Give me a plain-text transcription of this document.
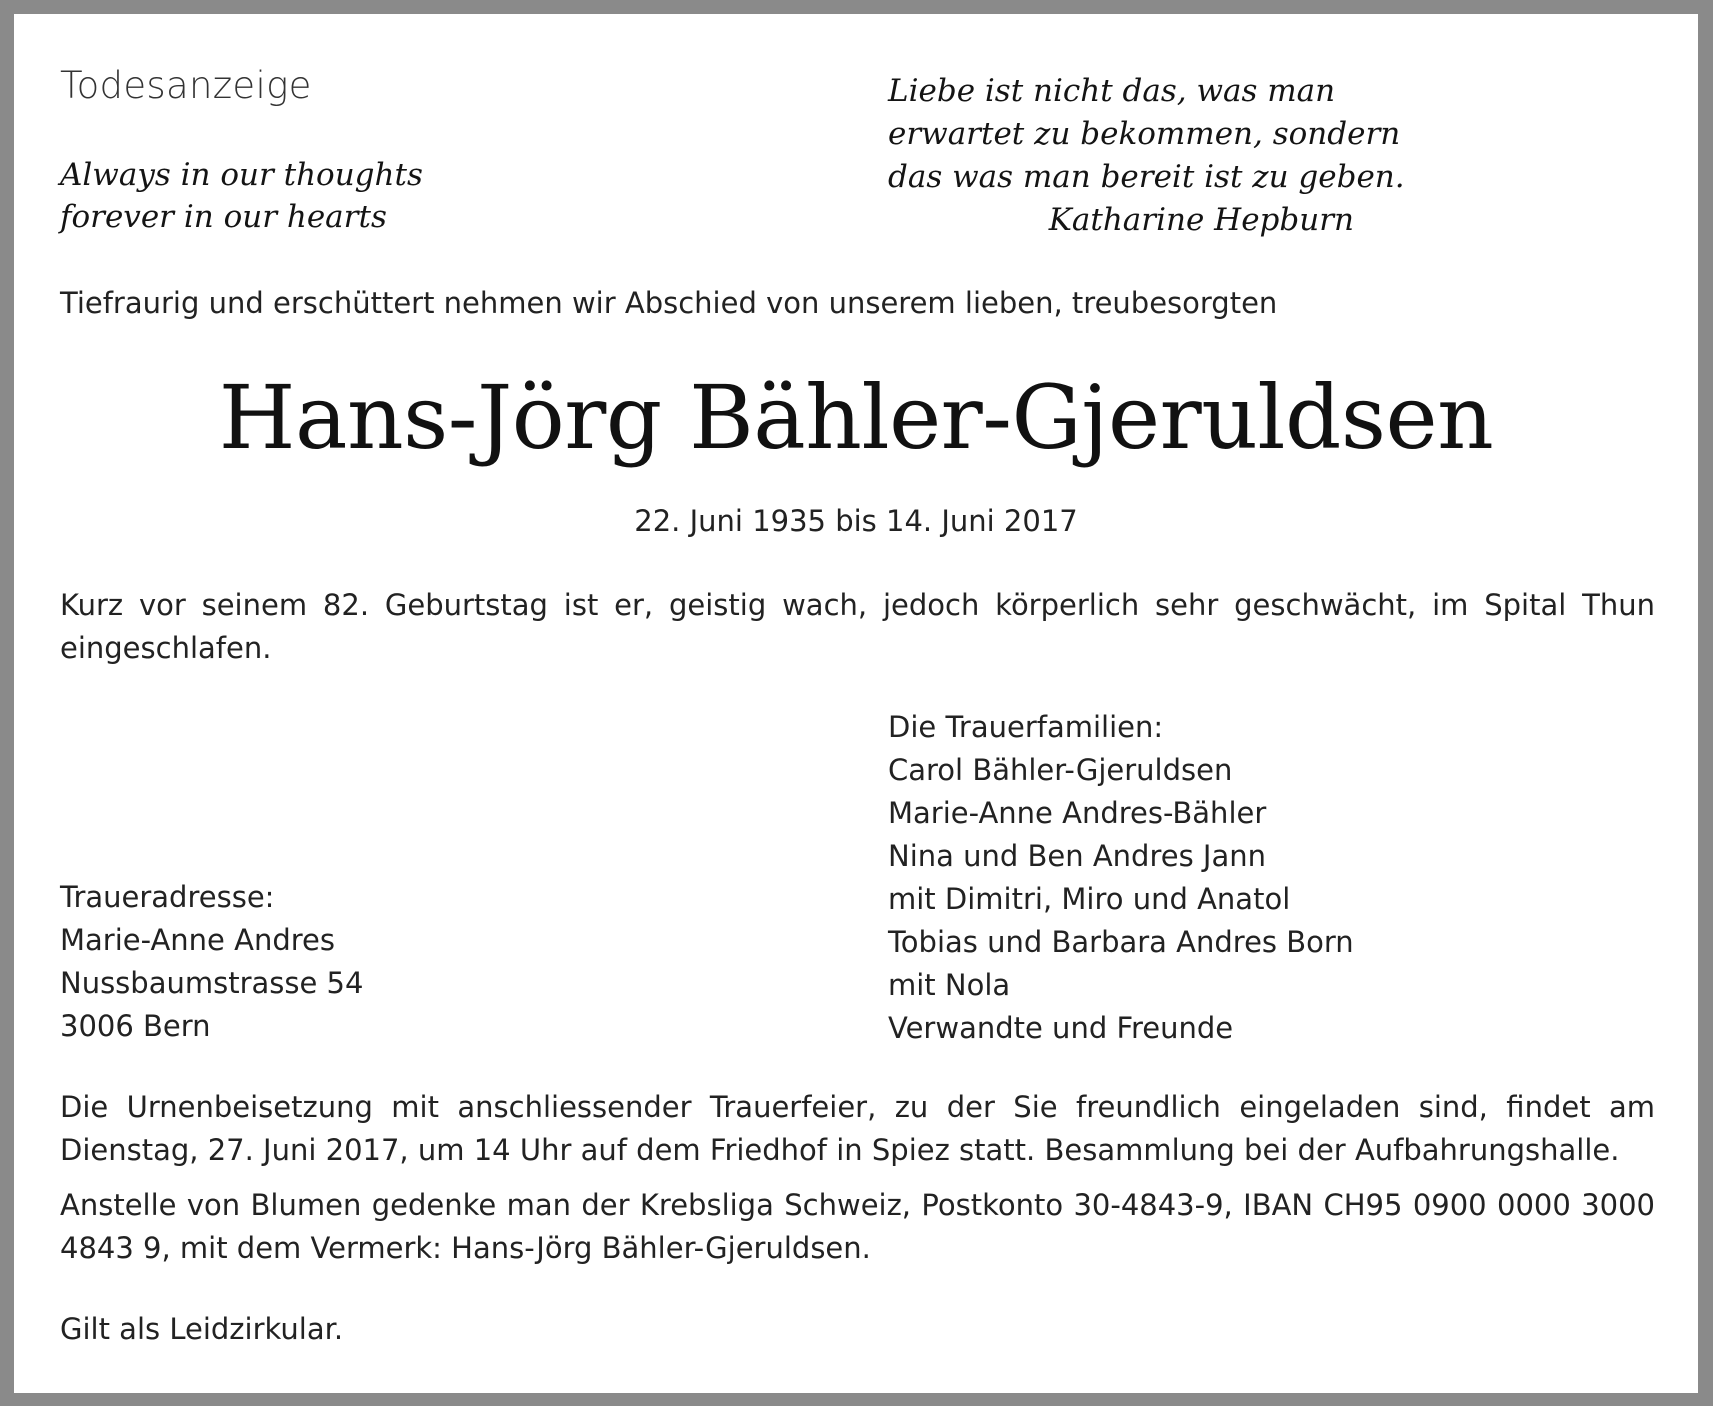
Todesanzeige
Always in our thoughts
forever in our hearts
Liebe ist nicht das, was man
erwartet zu bekommen, sondern
das was man bereit ist zu geben.
Katharine Hepburn
Tiefraurig und erschüttert nehmen wir Abschied von unserem lieben, treubesorgten
Hans-Jörg Bähler-Gjeruldsen
22. Juni 1935 bis 14. Juni 2017
Kurz vor seinem 82. Geburtstag ist er, geistig wach, jedoch körperlich sehr geschwächt, im Spital Thun eingeschlafen.
Die Trauerfamilien:
Carol Bähler-Gjeruldsen
Marie-Anne Andres-Bähler
Nina und Ben Andres Jann
mit Dimitri, Miro und Anatol
Tobias und Barbara Andres Born
mit Nola
Verwandte und Freunde
Traueradresse:
Marie-Anne Andres
Nussbaumstrasse 54
3006 Bern
Die Urnenbeisetzung mit anschliessender Trauerfeier, zu der Sie freundlich eingeladen sind, findet am Dienstag, 27. Juni 2017, um 14 Uhr auf dem Friedhof in Spiez statt. Besammlung bei der Aufbahrungshalle.
Anstelle von Blumen gedenke man der Krebsliga Schweiz, Postkonto 30-4843-9, IBAN CH95 0900 0000 3000 4843 9, mit dem Vermerk: Hans-Jörg Bähler-Gjeruldsen.
Gilt als Leidzirkular.
